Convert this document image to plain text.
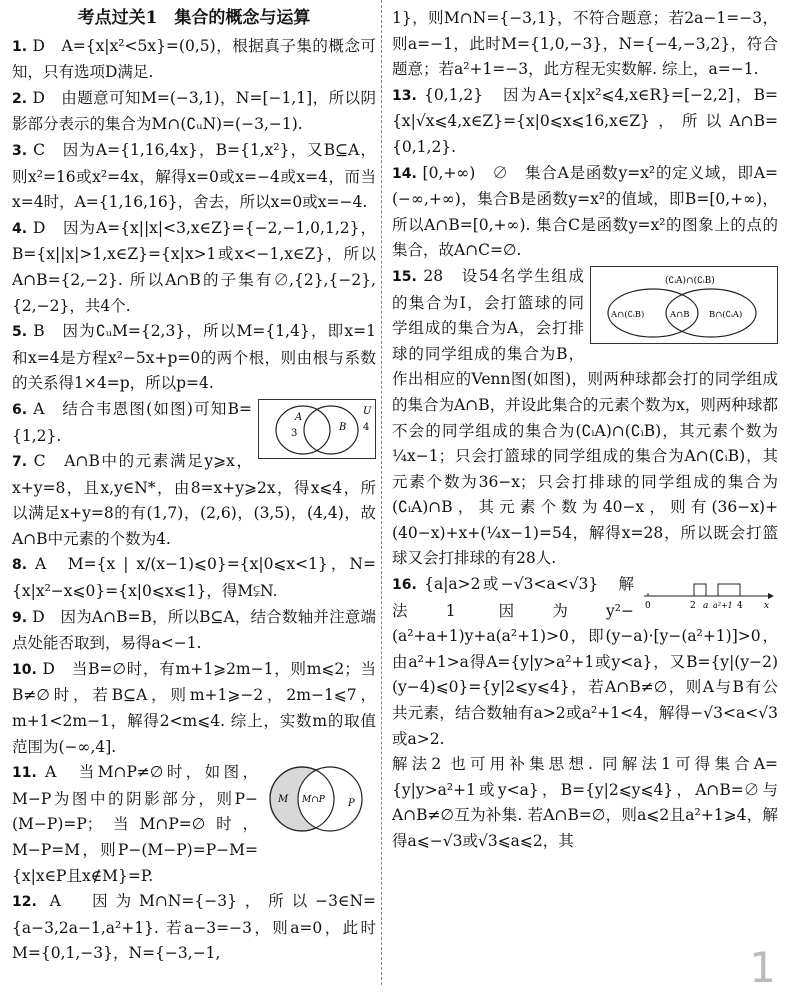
考点过关1　集合的概念与运算

1. D　A={x|x²<5x}=(0,5)，根据真子集的概念可知，只有选项D满足.

2. D　由题意可知M=(−3,1)，N=[−1,1]，所以阴影部分表示的集合为M∩(∁ᵤN)=(−3,−1).

3. C　因为A={1,16,4x}，B={1,x²}，又B⊆A，则x²=16或x²=4x，解得x=0或x=−4或x=4，而当x=4时，A={1,16,16}，舍去，所以x=0或x=−4.

4. D　因为A={x||x|<3,x∈Z}={−2,−1,0,1,2}，B={x||x|>1,x∈Z}={x|x>1或x<−1,x∈Z}，所以A∩B={2,−2}. 所以A∩B的子集有∅,{2},{−2},{2,−2}，共4个.

5. B　因为∁ᵤM={2,3}，所以M={1,4}，即x=1和x=4是方程x²−5x+p=0的两个根，则由根与系数的关系得1×4=p，所以p=4.

A
3
B
U
4

6. A　结合韦恩图(如图)可知B={1,2}.

7. C　A∩B中的元素满足y⩾x，x+y=8，且x,y∈N*，由8=x+y⩾2x，得x⩽4，所以满足x+y=8的有(1,7)，(2,6)，(3,5)，(4,4)，故A∩B中元素的个数为4.

8. A　M={x | x/(x−1)⩽0}={x|0⩽x<1}，N={x|x²−x⩽0}={x|0⩽x⩽1}，得M⫋N.

9. D　因为A∩B=B，所以B⊆A，结合数轴并注意端点处能否取到，易得a<−1.

10. D　当B=∅时，有m+1⩾2m−1，则m⩽2；当B≠∅时，若B⊆A，则m+1⩾−2，2m−1⩽7，m+1<2m−1，解得2<m⩽4. 综上，实数m的取值范围为(−∞,4].

M M∩P P

11. A　当M∩P≠∅时，如图，M−P为图中的阴影部分，则P−(M−P)=P；当M∩P=∅时，M−P=M，则P−(M−P)=P−M={x|x∈P且x∉M}=P.

12. A　因为M∩N={−3}，所以−3∈N={a−3,2a−1,a²+1}. 若a−3=−3，则a=0，此时M={0,1,−3}，N={−3,−1,

1}，则M∩N={−3,1}，不符合题意；若2a−1=−3，则a=−1，此时M={1,0,−3}，N={−4,−3,2}，符合题意；若a²+1=−3，此方程无实数解. 综上，a=−1.

13. {0,1,2}　因为A={x|x²⩽4,x∈R}=[−2,2]，B={x|√x⩽4,x∈Z}={x|0⩽x⩽16,x∈Z}，所以A∩B={0,1,2}.

14. [0,+∞)　∅　集合A是函数y=x²的定义域，即A=(−∞,+∞)，集合B是函数y=x²的值域，即B=[0,+∞)，所以A∩B=[0,+∞). 集合C是函数y=x²的图象上的点的集合，故A∩C=∅.

(∁ᵢA)∩(∁ᵢB)
A∩(∁ᵢB)	A∩B B∩(∁ᵢA)

15. 28　设54名学生组成的集合为I，会打篮球的同学组成的集合为A，会打排球的同学组成的集合为B，作出相应的Venn图(如图)，则两种球都会打的同学组成的集合为A∩B，并设此集合的元素个数为x，则两种球都不会的同学组成的集合为(∁ᵢA)∩(∁ᵢB)，其元素个数为¼x−1；只会打篮球的同学组成的集合为A∩(∁ᵢB)，其元素个数为36−x；只会打排球的同学组成的集合为(∁ᵢA)∩B，其元素个数为40−x，则有(36−x)+(40−x)+x+(¼x−1)=54，解得x=28，所以既会打篮球又会打排球的有28人.

0	2 a a²+1 4 x

16. {a|a>2或−√3<a<√3}　解法1 因为y²−(a²+a+1)y+a(a²+1)>0，即(y−a)·[y−(a²+1)]>0，由a²+1>a得A={y|y>a²+1或y<a}，又B={y|(y−2)(y−4)⩽0}={y|2⩽y⩽4}，若A∩B≠∅，则A与B有公共元素，结合数轴有a>2或a²+1<4，解得−√3<a<√3或a>2.

解法2 也可用补集思想. 同解法1可得集合A={y|y>a²+1或y<a}，B={y|2⩽y⩽4}，A∩B=∅与A∩B≠∅互为补集. 若A∩B=∅，则a⩽2且a²+1⩾4，解得a⩽−√3或√3⩽a⩽2，其

1
